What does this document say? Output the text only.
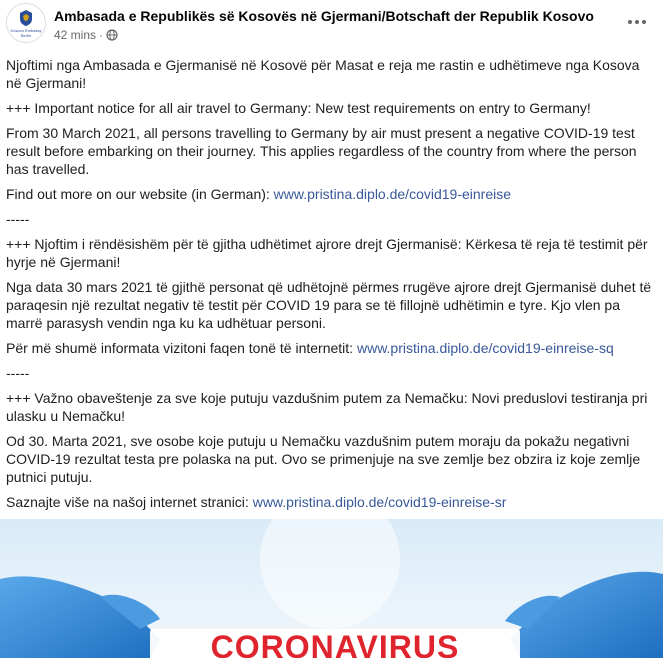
Kosovo Embassy
Berlin
Ambasada e Republikës së Kosovës në Gjermani/Botschaft der Republik Kosovo
42 mins ·

Njoftimi nga Ambasada e Gjermanisë në Kosovë për Masat e reja me rastin e udhëtimeve nga Kosova në Gjermani!

+++ Important notice for all air travel to Germany: New test requirements on entry to Germany!

From 30 March 2021, all persons travelling to Germany by air must present a negative COVID-19 test result before embarking on their journey. This applies regardless of the country from where the person has travelled.

Find out more on our website (in German): www.pristina.diplo.de/covid19-einreise

-----

+++ Njoftim i rëndësishëm për të gjitha udhëtimet ajrore drejt Gjermanisë: Kërkesa të reja të testimit për hyrje në Gjermani!

Nga data 30 mars 2021 të gjithë personat që udhëtojnë përmes rrugëve ajrore drejt Gjermanisë duhet të paraqesin një rezultat negativ të testit për COVID 19 para se të fillojnë udhëtimin e tyre. Kjo vlen pa marrë parasysh vendin nga ku ka udhëtuar personi.

Për më shumë informata vizitoni faqen tonë të internetit: www.pristina.diplo.de/covid19-einreise-sq

-----

+++ Važno obaveštenje za sve koje putuju vazdušnim putem za Nemačku: Novi preduslovi testiranja pri ulasku u Nemačku!

Od 30. Marta 2021, sve osobe koje putuju u Nemačku vazdušnim putem moraju da pokažu negativni COVID-19 rezultat testa pre polaska na put. Ovo se primenjuje na sve zemlje bez obzira iz koje zemlje putnici putuju.

Saznajte više na našoj internet stranici: www.pristina.diplo.de/covid19-einreise-sr

CORONAVIRUS
